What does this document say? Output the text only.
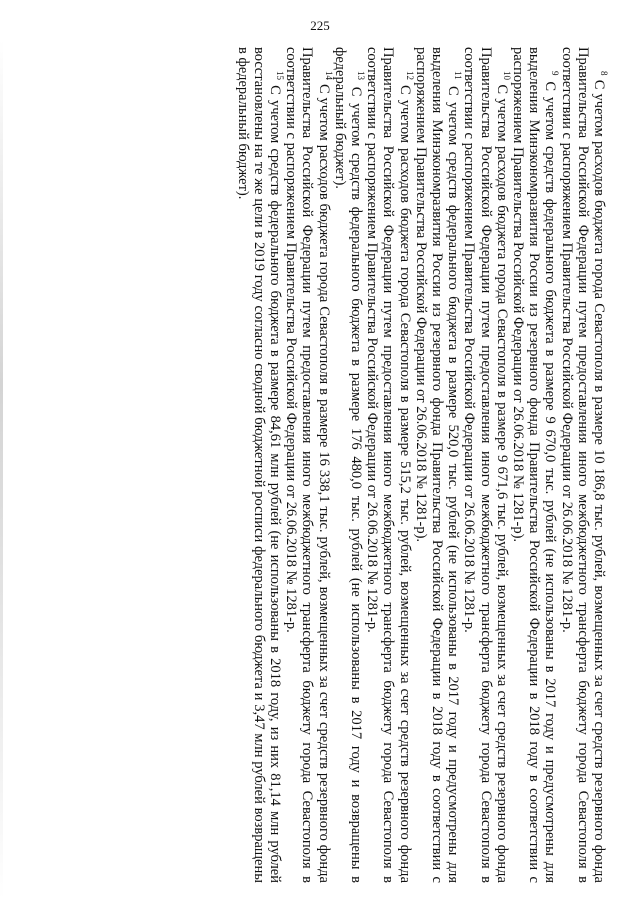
225

$^8$ С учетом расходов бюджета города Севастополя в размере 10 186,8 тыс. рублей, возмещенных за счет средств резервного фонда Правительства Российской Федерации путем предоставления иного межбюджетного трансферта бюджету города Севастополя в соответствии с распоряжением Правительства Российской Федерации от 26.06.2018 № 1281-р.

$^9$ С учетом средств федерального бюджета в размере 9 670,0 тыс. рублей (не использованы в 2017 году и предусмотрены для выделения Минэкономразвития России из резервного фонда Правительства Российской Федерации в 2018 году в соответствии с распоряжением Правительства Российской Федерации от 26.06.2018 № 1281-р).

$^{10}$ С учетом расходов бюджета города Севастополя в размере 9 671,6 тыс. рублей, возмещенных за счет средств резервного фонда Правительства Российской Федерации путем предоставления иного межбюджетного трансферта бюджету города Севастополя в соответствии с распоряжением Правительства Российской Федерации от 26.06.2018 № 1281-р.

$^{11}$ С учетом средств федерального бюджета в размере 520,0 тыс. рублей (не использованы в 2017 году и предусмотрены для выделения Минэкономразвития России из резервного фонда Правительства Российской Федерации в 2018 году в соответствии с распоряжением Правительства Российской Федерации от 26.06.2018 № 1281-р).

$^{12}$ С учетом расходов бюджета города Севастополя в размере 515,2 тыс. рублей, возмещенных за счет средств резервного фонда Правительства Российской Федерации путем предоставления иного межбюджетного трансферта бюджету города Севастополя в соответствии с распоряжением Правительства Российской Федерации от 26.06.2018 № 1281-р.

$^{13}$ С учетом средств федерального бюджета в размере 176 480,0 тыс. рублей (не использованы в 2017 году и возвращены в федеральный бюджет).

$^{14}$ С учетом расходов бюджета города Севастополя в размере 16 338,1 тыс. рублей, возмещенных за счет средств резервного фонда Правительства Российской Федерации путем предоставления иного межбюджетного трансферта бюджету города Севастополя в соответствии с распоряжением Правительства Российской Федерации от 26.06.2018 № 1281-р.

$^{15}$ С учетом средств федерального бюджета в размере 84,61 млн рублей (не использованы в 2018 году, из них 81,14 млн рублей восстановлены на те же цели в 2019 году согласно сводной бюджетной росписи федерального бюджета и 3,47 млн рублей возвращены в федеральный бюджет).
